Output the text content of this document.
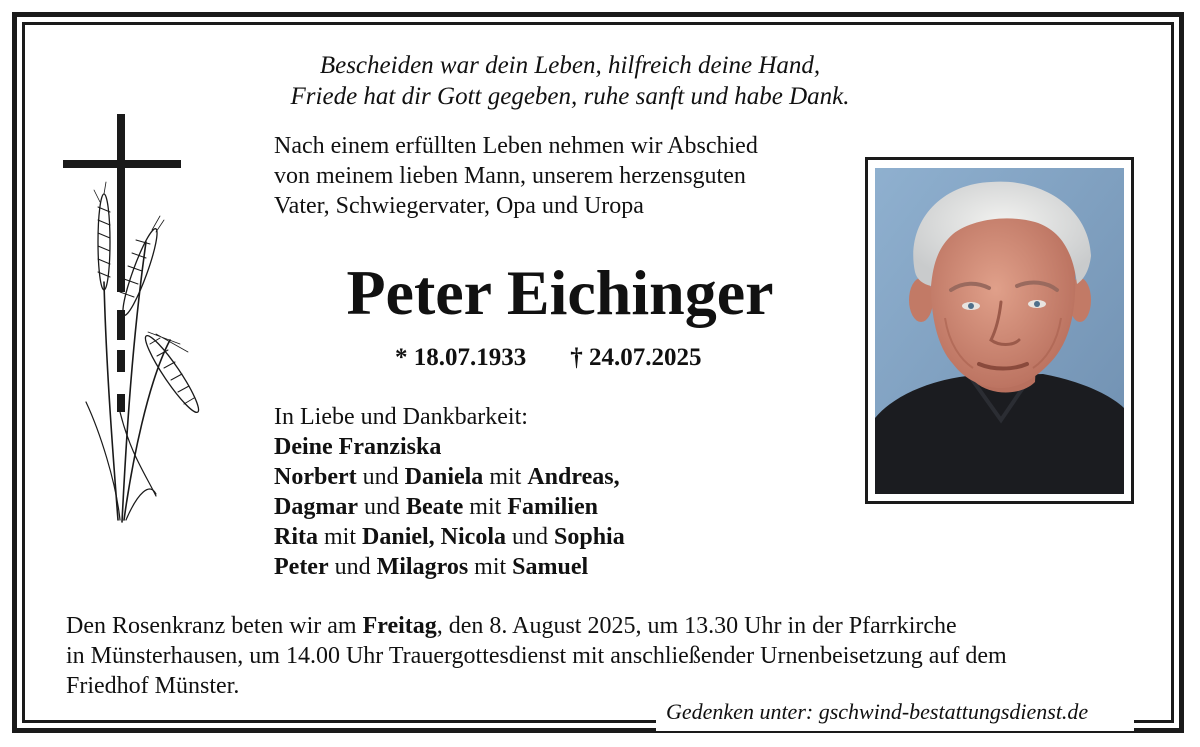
Bescheiden war dein Leben, hilfreich deine Hand,
Friede hat dir Gott gegeben, ruhe sanft und habe Dank.
Nach einem erfüllten Leben nehmen wir Abschied
von meinem lieben Mann, unserem herzensguten
Vater, Schwiegervater, Opa und Uropa
Peter Eichinger
* 18.07.1933 † 24.07.2025
In Liebe und Dankbarkeit:
Deine Franziska
Norbert und Daniela mit Andreas,
Dagmar und Beate mit Familien
Rita mit Daniel, Nicola und Sophia
Peter und Milagros mit Samuel
Den Rosenkranz beten wir am Freitag, den 8. August 2025, um 13.30 Uhr in der Pfarrkirche
in Münsterhausen, um 14.00 Uhr Trauergottesdienst mit anschließender Urnenbeisetzung auf dem
Friedhof Münster.
Gedenken unter: gschwind-bestattungsdienst.de
